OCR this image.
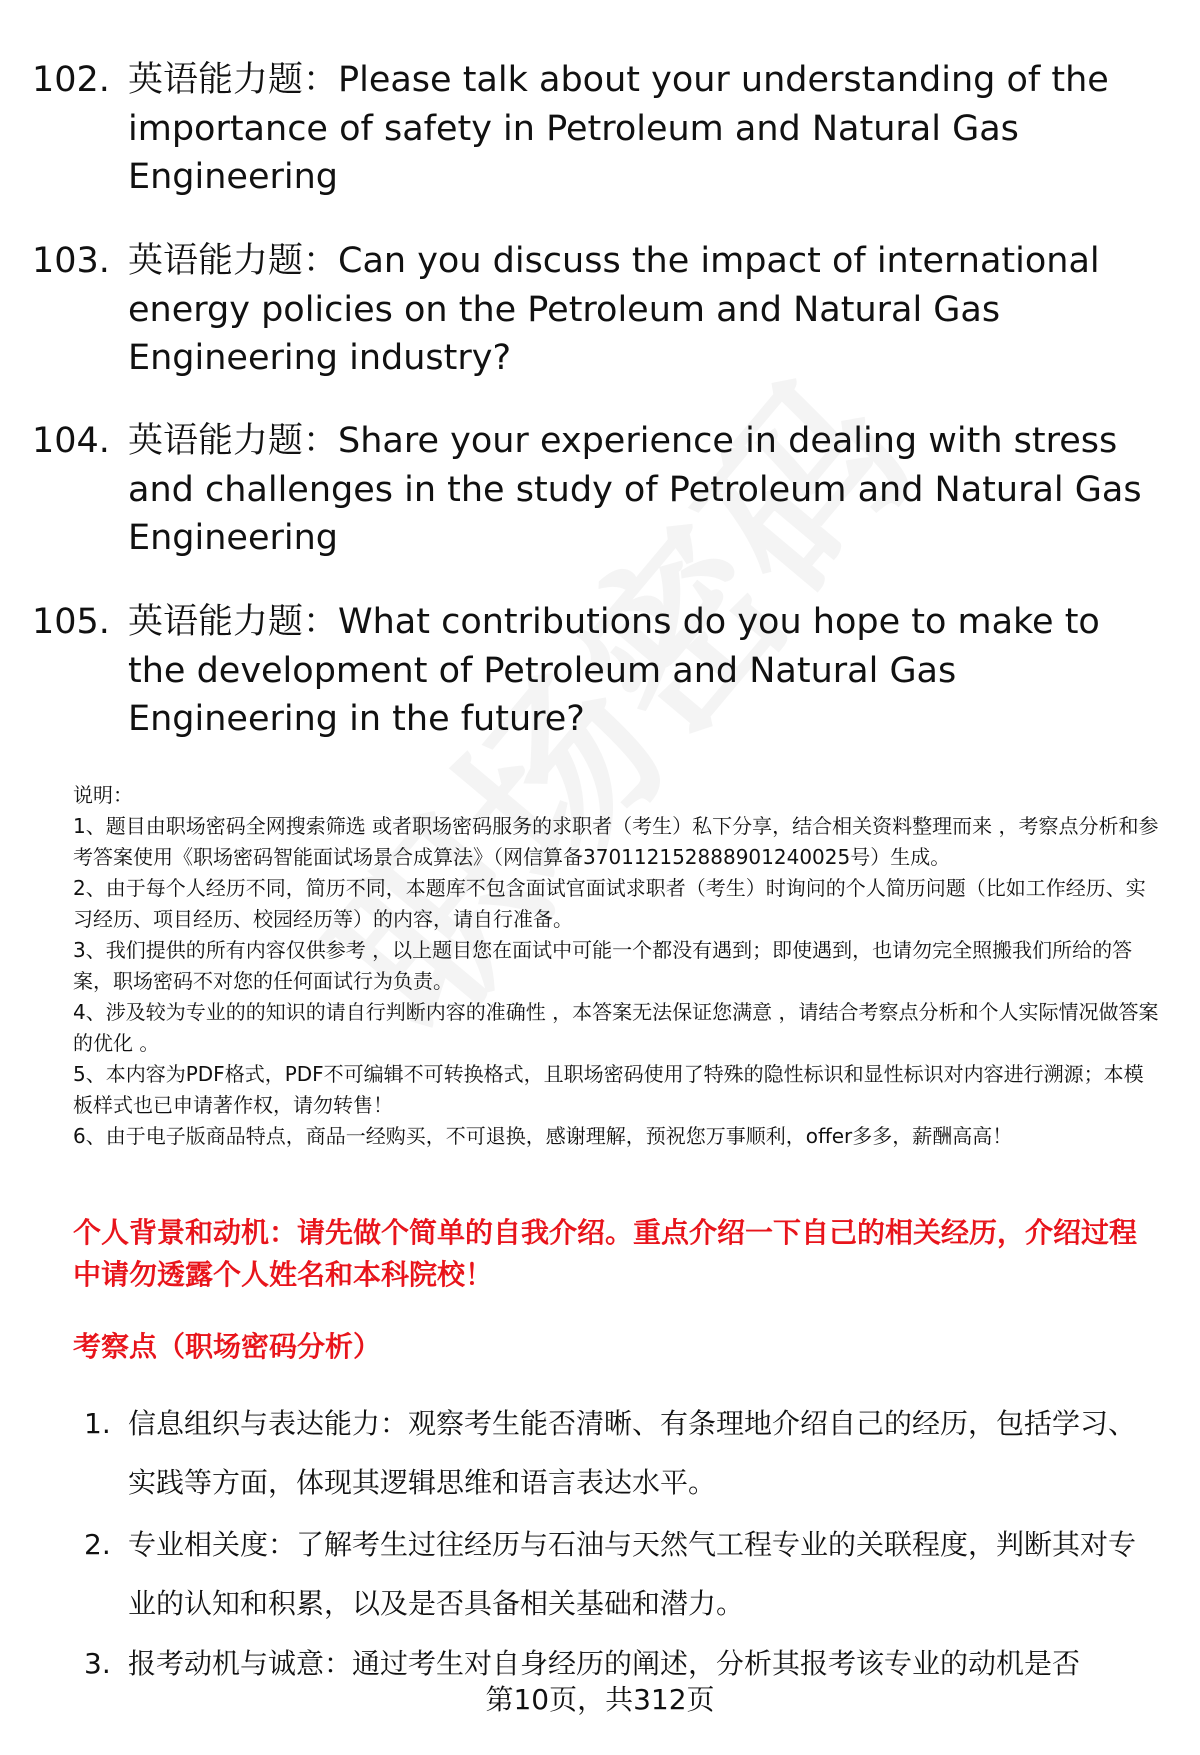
102. 英语能力题：Please talk about your understanding of the importance of safety in Petroleum and Natural Gas Engineering
103. 英语能力题：Can you discuss the impact of international energy policies on the Petroleum and Natural Gas Engineering industry?
104. 英语能力题：Share your experience in dealing with stress and challenges in the study of Petroleum and Natural Gas Engineering
105. 英语能力题：What contributions do you hope to make to the development of Petroleum and Natural Gas Engineering in the future?
说明：
1、题目由职场密码全网搜索筛选 或者职场密码服务的求职者（考生）私下分享，结合相关资料整理而来 ，考察点分析和参考答案使用《职场密码智能面试场景合成算法》（网信算备370112152888901240025号）生成。
2、由于每个人经历不同，简历不同，本题库不包含面试官面试求职者（考生）时询问的个人简历问题（比如工作经历、实习经历、项目经历、校园经历等）的内容，请自行准备。
3、我们提供的所有内容仅供参考 ，以上题目您在面试中可能一个都没有遇到；即使遇到，也请勿完全照搬我们所给的答案，职场密码不对您的任何面试行为负责。
4、涉及较为专业的的知识的请自行判断内容的准确性 ，本答案无法保证您满意 ，请结合考察点分析和个人实际情况做答案的优化 。
5、本内容为PDF格式，PDF不可编辑不可转换格式，且职场密码使用了特殊的隐性标识和显性标识对内容进行溯源；本模板样式也已申请著作权，请勿转售！
6、由于电子版商品特点，商品一经购买，不可退换，感谢理解，预祝您万事顺利，offer多多，薪酬高高！
个人背景和动机：请先做个简单的自我介绍。重点介绍一下自己的相关经历，介绍过程中请勿透露个人姓名和本科院校！
考察点（职场密码分析）
1. 信息组织与表达能力：观察考生能否清晰、有条理地介绍自己的经历，包括学习、实践等方面，体现其逻辑思维和语言表达水平。
2. 专业相关度：了解考生过往经历与石油与天然气工程专业的关联程度，判断其对专业的认知和积累，以及是否具备相关基础和潜力。
3. 报考动机与诚意：通过考生对自身经历的阐述，分析其报考该专业的动机是否
第10页，共312页
